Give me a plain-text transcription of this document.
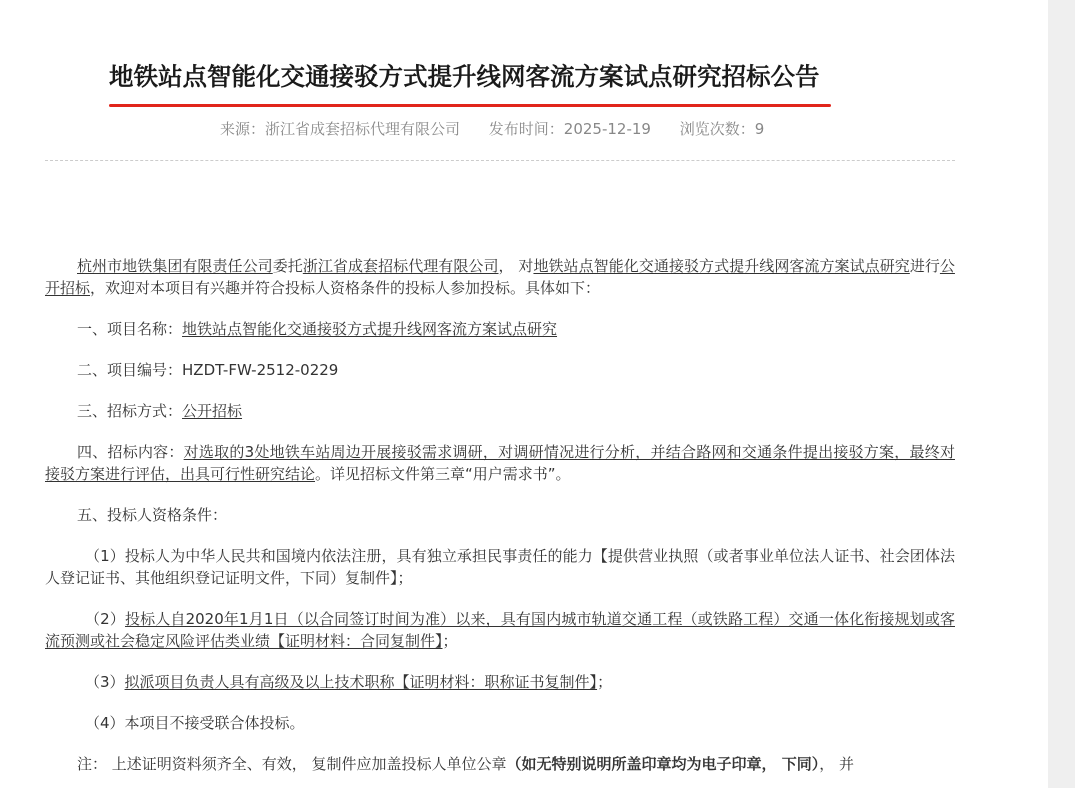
地铁站点智能化交通接驳方式提升线网客流方案试点研究招标公告
来源：浙江省成套招标代理有限公司 发布时间：2025-12-19 浏览次数：9

杭州市地铁集团有限责任公司委托浙江省成套招标代理有限公司， 对地铁站点智能化交通接驳方式提升线网客流方案试点研究进行公开招标，欢迎对本项目有兴趣并符合投标人资格条件的投标人参加投标。具体如下：

一、项目名称：地铁站点智能化交通接驳方式提升线网客流方案试点研究

二、项目编号：HZDT-FW-2512-0229

三、招标方式：公开招标

四、招标内容：对选取的3处地铁车站周边开展接驳需求调研，对调研情况进行分析，并结合路网和交通条件提出接驳方案，最终对接驳方案进行评估，出具可行性研究结论。详见招标文件第三章“用户需求书”。

五、投标人资格条件：

（1）投标人为中华人民共和国境内依法注册，具有独立承担民事责任的能力【提供营业执照（或者事业单位法人证书、社会团体法人登记证书、其他组织登记证明文件，下同）复制件】；

（2）投标人自2020年1月1日（以合同签订时间为准）以来，具有国内城市轨道交通工程（或铁路工程）交通一体化衔接规划或客流预测或社会稳定风险评估类业绩【证明材料：合同复制件】；

（3）拟派项目负责人具有高级及以上技术职称【证明材料：职称证书复制件】；

（4）本项目不接受联合体投标。

注： 上述证明资料须齐全、有效， 复制件应加盖投标人单位公章（如无特别说明所盖印章均为电子印章， 下同）， 并
